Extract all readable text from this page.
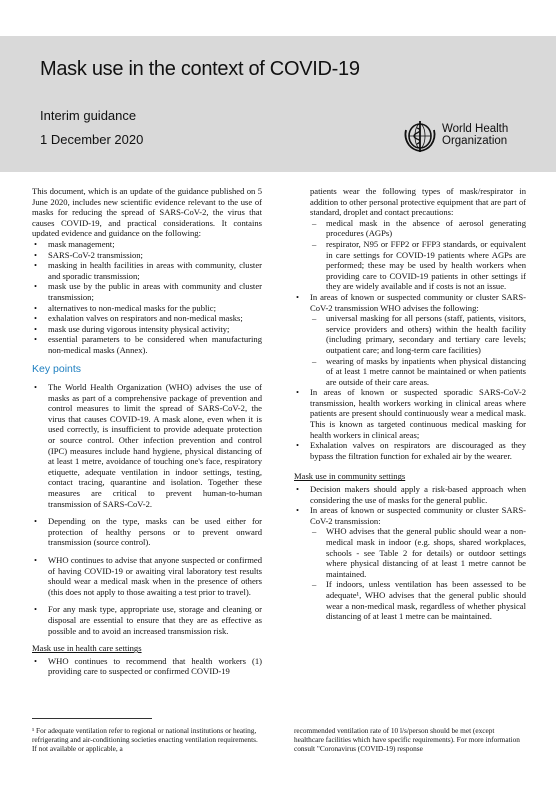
Mask use in the context of COVID-19
Interim guidance
1 December 2020
World Health
Organization

This document, which is an update of the guidance published on 5 June 2020, includes new scientific evidence relevant to the use of masks for reducing the spread of SARS-CoV-2, the virus that causes COVID-19, and practical considerations. It contains updated evidence and guidance on the following:

• mask management;
• SARS-CoV-2 transmission;
• masking in health facilities in areas with community, cluster and sporadic transmission;
• mask use by the public in areas with community and cluster transmission;
• alternatives to non-medical masks for the public;
• exhalation valves on respirators and non-medical masks;
• mask use during vigorous intensity physical activity;
• essential parameters to be considered when manufacturing non-medical masks (Annex).
Key points
• The World Health Organization (WHO) advises the use of masks as part of a comprehensive package of prevention and control measures to limit the spread of SARS-CoV-2, the virus that causes COVID-19. A mask alone, even when it is used correctly, is insufficient to provide adequate protection or source control. Other infection prevention and control (IPC) measures include hand hygiene, physical distancing of at least 1 metre, avoidance of touching one's face, respiratory etiquette, adequate ventilation in indoor settings, testing, contact tracing, quarantine and isolation. Together these measures are critical to prevent human-to-human transmission of SARS-CoV-2.
• Depending on the type, masks can be used either for protection of healthy persons or to prevent onward transmission (source control).
• WHO continues to advise that anyone suspected or confirmed of having COVID-19 or awaiting viral laboratory test results should wear a medical mask when in the presence of others (this does not apply to those awaiting a test prior to travel).
• For any mask type, appropriate use, storage and cleaning or disposal are essential to ensure that they are as effective as possible and to avoid an increased transmission risk.
Mask use in health care settings
• WHO continues to recommend that health workers (1) providing care to suspected or confirmed COVID-19

patients wear the following types of mask/respirator in addition to other personal protective equipment that are part of standard, droplet and contact precautions:

– medical mask in the absence of aerosol generating procedures (AGPs)
– respirator, N95 or FFP2 or FFP3 standards, or equivalent in care settings for COVID-19 patients where AGPs are performed; these may be used by health workers when providing care to COVID-19 patients in other settings if they are widely available and if costs is not an issue.
• In areas of known or suspected community or cluster SARS-CoV-2 transmission WHO advises the following:
– universal masking for all persons (staff, patients, visitors, service providers and others) within the health facility (including primary, secondary and tertiary care levels; outpatient care; and long-term care facilities)
– wearing of masks by inpatients when physical distancing of at least 1 metre cannot be maintained or when patients are outside of their care areas.
• In areas of known or suspected sporadic SARS-CoV-2 transmission, health workers working in clinical areas where patients are present should continuously wear a medical mask. This is known as targeted continuous medical masking for health workers in clinical areas;
• Exhalation valves on respirators are discouraged as they bypass the filtration function for exhaled air by the wearer.
Mask use in community settings
• Decision makers should apply a risk-based approach when considering the use of masks for the general public.
• In areas of known or suspected community or cluster SARS-CoV-2 transmission:
– WHO advises that the general public should wear a non-medical mask in indoor (e.g. shops, shared workplaces, schools - see Table 2 for details) or outdoor settings where physical distancing of at least 1 metre cannot be maintained.
– If indoors, unless ventilation has been assessed to be adequate¹, WHO advises that the general public should wear a non-medical mask, regardless of whether physical distancing of at least 1 metre can be maintained.
¹ For adequate ventilation refer to regional or national institutions or heating, refrigerating and air-conditioning societies enacting ventilation requirements. If not available or applicable, a
recommended ventilation rate of 10 l/s/person should be met (except healthcare facilities which have specific requirements). For more information consult "Coronavirus (COVID-19) response
